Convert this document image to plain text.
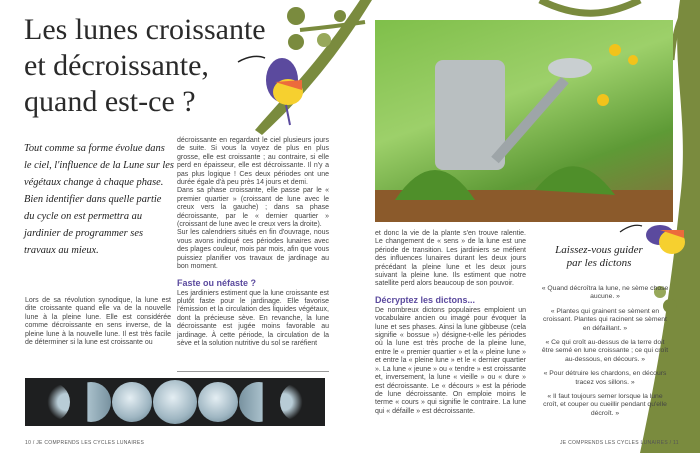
Les lunes croissante
et décroissante,
quand est-ce ?
Tout comme sa forme évolue dans le ciel, l'influence de la Lune sur les végétaux change à chaque phase. Bien identifier dans quelle partie du cycle on est permettra au jardinier de programmer ses travaux au mieux.

Lors de sa révolution synodique, la lune est dite croissante quand elle va de la nouvelle lune à la pleine lune. Elle est considérée comme décroissante en sens inverse, de la pleine lune à la nouvelle lune. Il est très facile de déterminer si la lune est croissante ou

décroissante en regardant le ciel plusieurs jours de suite. Si vous la voyez de plus en plus grosse, elle est croissante ; au contraire, si elle perd en épaisseur, elle est décroissante. Il n'y a pas plus logique ! Ces deux périodes ont une durée égale d'à peu près 14 jours et demi.

Dans sa phase croissante, elle passe par le « premier quartier » (croissant de lune avec le creux vers la gauche) ; dans sa phase décroissante, par le « dernier quartier » (croissant de lune avec le creux vers la droite).

Sur les calendriers situés en fin d'ouvrage, nous vous avons indiqué ces périodes lunaires avec des plages couleur, mois par mois, afin que vous puissiez planifier vos travaux de jardinage au bon moment.

Faste ou néfaste ?

Les jardiniers estiment que la lune croissante est plutôt faste pour le jardinage. Elle favorise l'émission et la circulation des liquides végétaux, dont la précieuse sève. En revanche, la lune décroissante est jugée moins favorable au jardinage. À cette période, la circulation de la sève et la solution nutritive du sol se raréfient

10 / JE COMPRENDS LES CYCLES LUNAIRES

et donc la vie de la plante s'en trouve ralentie. Le changement de « sens » de la lune est une période de transition. Les jardiniers se méfient des influences lunaires durant les deux jours précédant la pleine lune et les deux jours suivant la pleine lune. Ils estiment que notre satellite perd alors beaucoup de son pouvoir.

Décryptez les dictons...

De nombreux dictons populaires emploient un vocabulaire ancien ou imagé pour évoquer la lune et ses phases. Ainsi la lune gibbeuse (cela signifie « bossue ») désigne-t-elle les périodes où la lune est très proche de la pleine lune, entre le « premier quartier » et la « pleine lune » et entre la « pleine lune » et le « dernier quartier ». La lune « jeune » ou « tendre » est croissante et, inversement, la lune « vieille » ou « dure » est décroissante. Le « décours » est la période de lune décroissante. On emploie moins le terme « cours » qui signifie le contraire. La lune qui « défaille » est décroissante.

Laissez-vous guider
par les dictons

« Quand décroîtra la lune, ne sème chose aucune. »

« Plantes qui grainent se sèment en croissant. Plantes qui racinent se sèment en défaillant. »

« Ce qui croît au-dessus de la terre doit être semé en lune croissante ; ce qui croît au-dessous, en décours. »

« Pour détruire les chardons, en décours tracez vos sillons. »

« Il faut toujours semer lorsque la lune croît, et couper ou cueillir pendant qu'elle décroît. »

JE COMPRENDS LES CYCLES LUNAIRES / 11
